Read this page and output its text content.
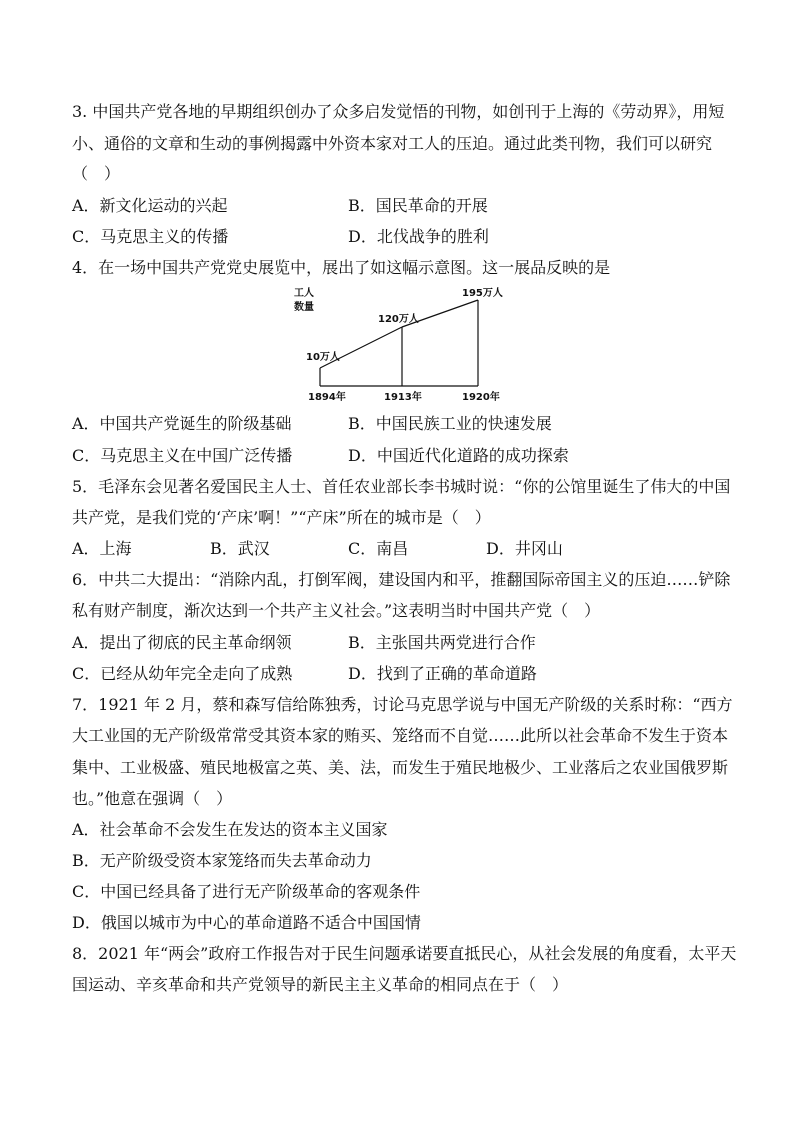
3. 中国共产党各地的早期组织创办了众多启发觉悟的刊物，如创刊于上海的《劳动界》，用短
小、通俗的文章和生动的事例揭露中外资本家对工人的压迫。通过此类刊物，我们可以研究
（　）
A．新文化运动的兴起	B．国民革命的开展
C．马克思主义的传播	D．北伐战争的胜利
4．在一场中国共产党党史展览中，展出了如这幅示意图。这一展品反映的是
工人
数量
10万人
120万人
195万人
1894年	1913年	1920年
A．中国共产党诞生的阶级基础	B．中国民族工业的快速发展
C．马克思主义在中国广泛传播	D．中国近代化道路的成功探索
5．毛泽东会见著名爱国民主人士、首任农业部长李书城时说：“你的公馆里诞生了伟大的中国
共产党，是我们党的‘产床’啊！”“产床”所在的城市是（　）
A．上海	B．武汉	C．南昌	D．井冈山
6．中共二大提出：“消除内乱，打倒军阀，建设国内和平，推翻国际帝国主义的压迫……铲除
私有财产制度，渐次达到一个共产主义社会。”这表明当时中国共产党（　）
A．提出了彻底的民主革命纲领	B．主张国共两党进行合作
C．已经从幼年完全走向了成熟	D．找到了正确的革命道路
7．1921 年 2 月，蔡和森写信给陈独秀，讨论马克思学说与中国无产阶级的关系时称：“西方
大工业国的无产阶级常常受其资本家的贿买、笼络而不自觉……此所以社会革命不发生于资本
集中、工业极盛、殖民地极富之英、美、法，而发生于殖民地极少、工业落后之农业国俄罗斯
也。”他意在强调（　）
A．社会革命不会发生在发达的资本主义国家
B．无产阶级受资本家笼络而失去革命动力
C．中国已经具备了进行无产阶级革命的客观条件
D．俄国以城市为中心的革命道路不适合中国国情
8．2021 年“两会”政府工作报告对于民生问题承诺要直抵民心，从社会发展的角度看，太平天
国运动、辛亥革命和共产党领导的新民主主义革命的相同点在于（　）
